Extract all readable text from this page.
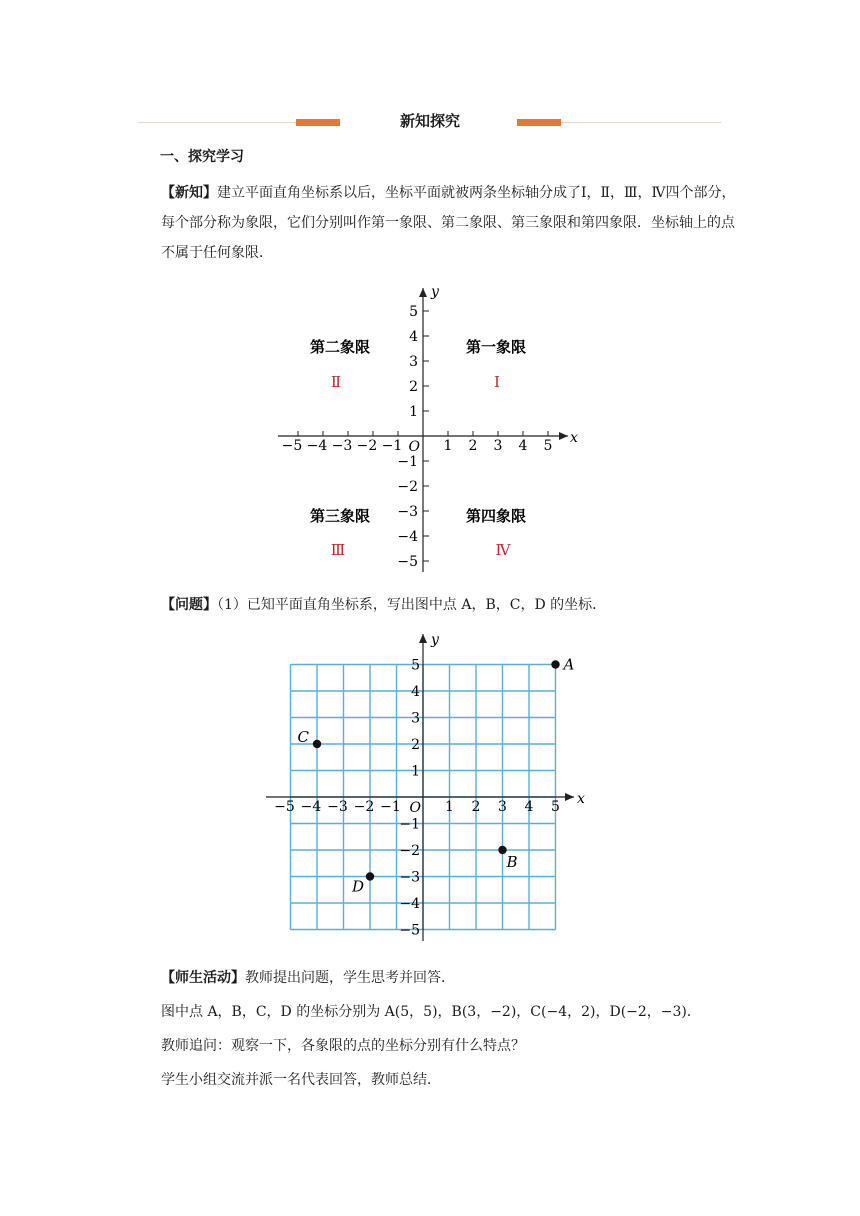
新知探究
一、探究学习
【新知】建立平面直角坐标系以后，坐标平面就被两条坐标轴分成了Ⅰ，Ⅱ，Ⅲ，Ⅳ四个部分，每个部分称为象限，它们分别叫作第一象限、第二象限、第三象限和第四象限．坐标轴上的点不属于任何象限．
−5
−5
−4
−4
−3
−3
−2
−2
−1
−1
1
1
2
2
3
3
4
4
5
5
O
x
y
第二象限
Ⅱ
第一象限
Ⅰ
第三象限
Ⅲ
第四象限
Ⅳ
【问题】（1）已知平面直角坐标系，写出图中点 A，B，C，D 的坐标．
−5
−5
−4
−4
−3
−3
−2
−2
−1
−1
1
1
2
2
3
3
4
4
5
5
O
x
y
A
B
C
D
【师生活动】教师提出问题，学生思考并回答．
图中点 A，B，C，D 的坐标分别为 A(5，5)，B(3，−2)，C(−4，2)，D(−2，−3)．
教师追问：观察一下，各象限的点的坐标分别有什么特点？
学生小组交流并派一名代表回答，教师总结．
